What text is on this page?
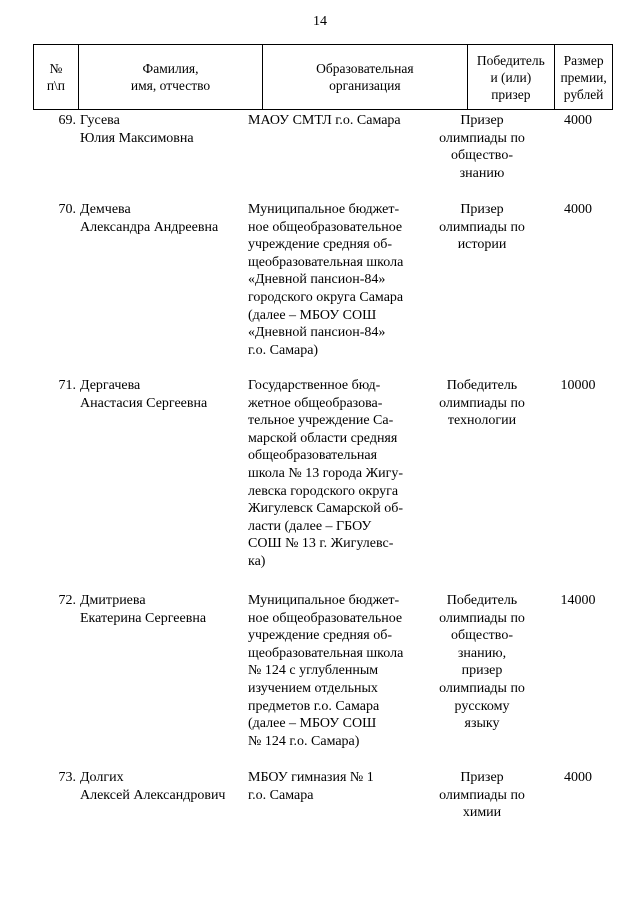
14
№
п\п
Фамилия,
имя, отчество
Образовательная
организация
Победитель
и (или)
призер
Размер
премии,
рублей
69. Гусева
Юлия Максимовна
МАОУ СМТЛ г.о. Самара	Призер
олимпиады по
общество-
знанию
4000
70. Демчева
Александра Андреевна
Муниципальное бюджет-
ное общеобразовательное
учреждение средняя об-
щеобразовательная школа
«Дневной пансион-84»
городского округа Самара
(далее – МБОУ СОШ
«Дневной пансион-84»
г.о. Самара)
Призер
олимпиады по
истории
4000
71. Дергачева
Анастасия Сергеевна
Государственное бюд-
жетное общеобразова-
тельное учреждение Са-
марской области средняя
общеобразовательная
школа № 13 города Жигу-
левска городского округа
Жигулевск Самарской об-
ласти (далее – ГБОУ
СОШ № 13 г. Жигулевс-
ка)
Победитель
олимпиады по
технологии
10000
72. Дмитриева
Екатерина Сергеевна
Муниципальное бюджет-
ное общеобразовательное
учреждение средняя об-
щеобразовательная школа
№ 124 с углубленным
изучением отдельных
предметов г.о. Самара
(далее – МБОУ СОШ
№ 124 г.о. Самара)
Победитель
олимпиады по
общество-
знанию,
призер
олимпиады по
русскому
языку
14000
73. Долгих
Алексей Александрович
МБОУ гимназия № 1
г.о. Самара
Призер
олимпиады по
химии
4000
